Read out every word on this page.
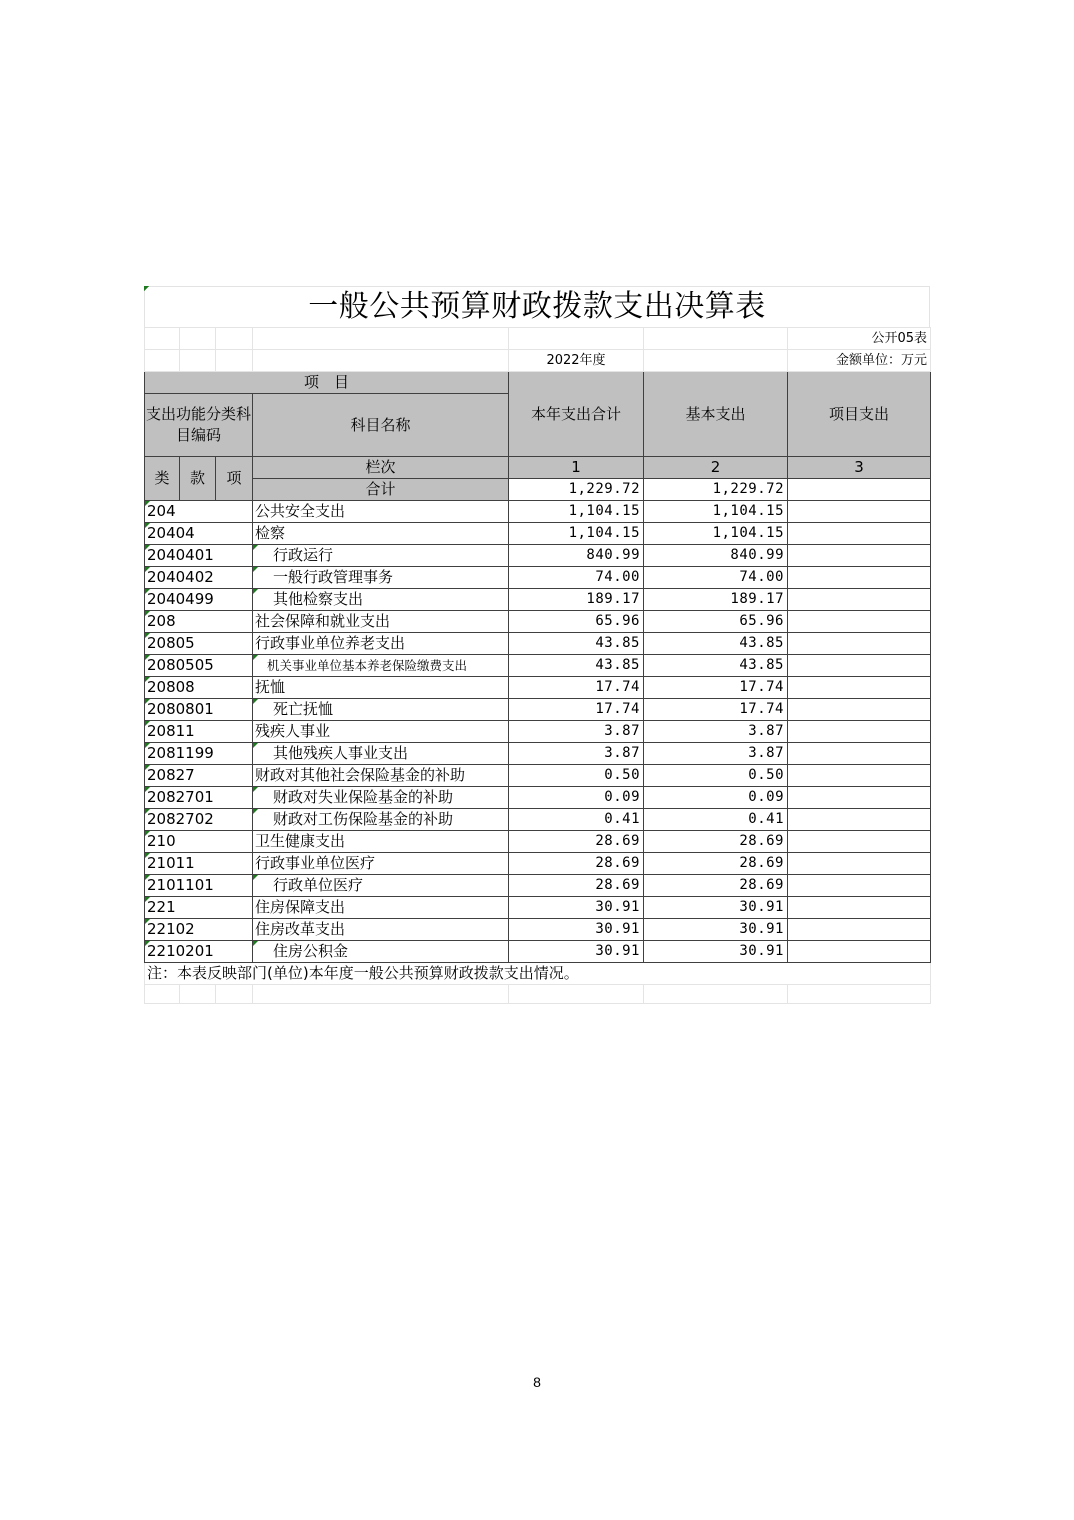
一般公共预算财政拨款支出决算表
						公开05表
				2022年度		金额单位：万元
项　目				本年支出合计	基本支出	项目支出
支出功能分类科目编码			科目名称			
类	款	项	栏次	1	2	3
			合计	1,229.72	1,229.72	
204			公共安全支出	1,104.15	1,104.15	
20404			检察	1,104.15	1,104.15	
2040401			行政运行	840.99	840.99	
2040402			一般行政管理事务	74.00	74.00	
2040499			其他检察支出	189.17	189.17	
208			社会保障和就业支出	65.96	65.96	
20805			行政事业单位养老支出	43.85	43.85	
2080505			机关事业单位基本养老保险缴费支出	43.85	43.85	
20808			抚恤	17.74	17.74	
2080801			死亡抚恤	17.74	17.74	
20811			残疾人事业	3.87	3.87	
2081199			其他残疾人事业支出	3.87	3.87	
20827			财政对其他社会保险基金的补助	0.50	0.50	
2082701			财政对失业保险基金的补助	0.09	0.09	
2082702			财政对工伤保险基金的补助	0.41	0.41	
210			卫生健康支出	28.69	28.69	
21011			行政事业单位医疗	28.69	28.69	
2101101			行政单位医疗	28.69	28.69	
221			住房保障支出	30.91	30.91	
22102			住房改革支出	30.91	30.91	
2210201			住房公积金	30.91	30.91	
注：本表反映部门(单位)本年度一般公共预算财政拨款支出情况。

8
